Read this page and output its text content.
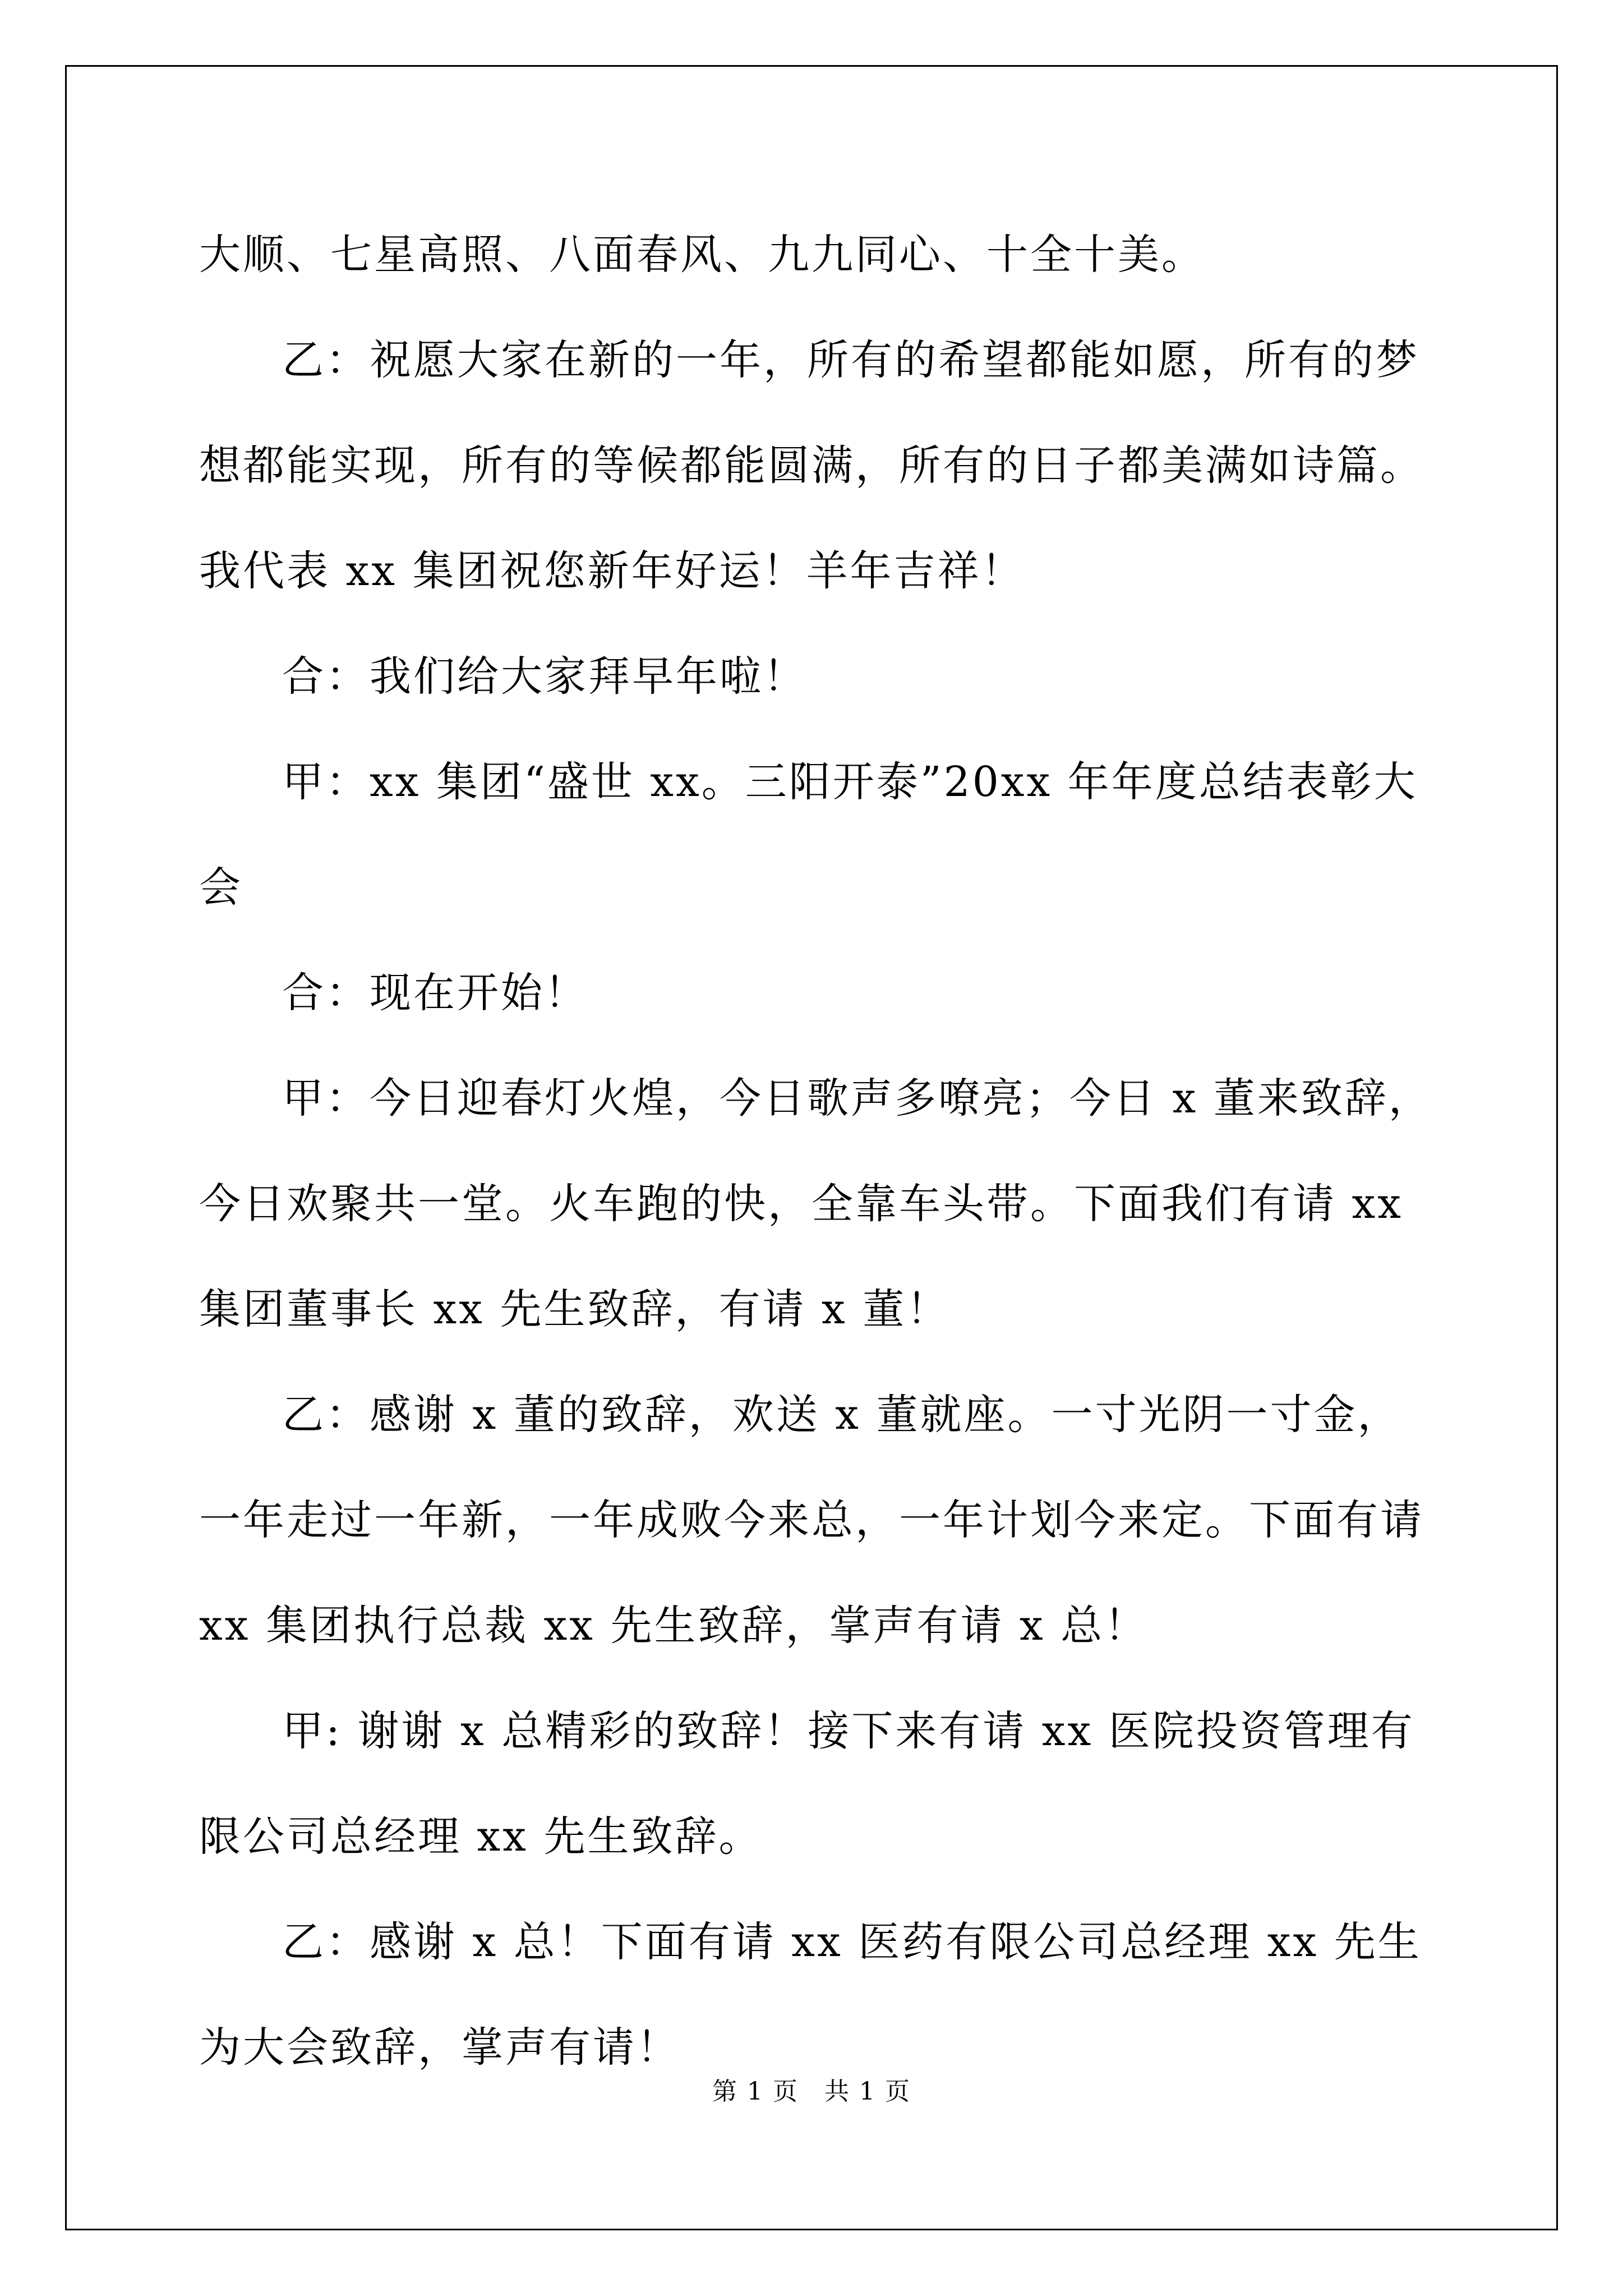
大顺、七星高照、八面春风、九九同心、十全十美。

乙：祝愿大家在新的一年，所有的希望都能如愿，所有的梦想都能实现，所有的等候都能圆满，所有的日子都美满如诗篇。我代表 xx 集团祝您新年好运！羊年吉祥！

合：我们给大家拜早年啦！

甲：xx 集团“盛世 xx。三阳开泰”20xx 年年度总结表彰大会

合：现在开始！

甲：今日迎春灯火煌，今日歌声多嘹亮；今日 x 董来致辞，今日欢聚共一堂。火车跑的快，全靠车头带。下面我们有请 xx 集团董事长 xx 先生致辞，有请 x 董！

乙：感谢 x 董的致辞，欢送 x 董就座。一寸光阴一寸金，一年走过一年新，一年成败今来总，一年计划今来定。下面有请 xx 集团执行总裁 xx 先生致辞，掌声有请 x 总！

甲: 谢谢 x 总精彩的致辞！接下来有请 xx 医院投资管理有限公司总经理 xx 先生致辞。

乙：感谢 x 总！下面有请 xx 医药有限公司总经理 xx 先生为大会致辞，掌声有请！

第 1 页　共 1 页
